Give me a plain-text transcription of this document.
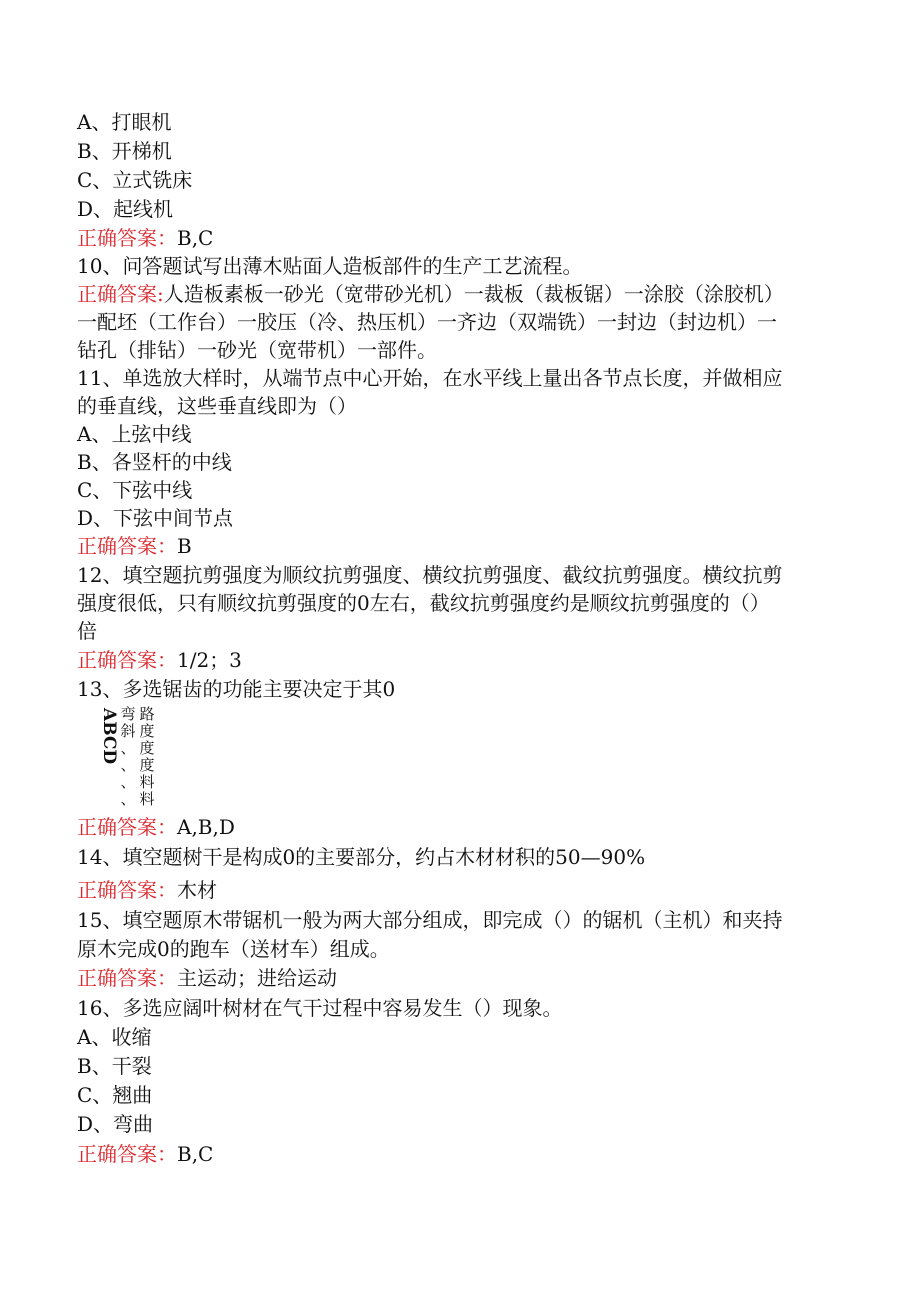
A、打眼机
B、开梯机
C、立式铣床
D、起线机
正确答案：B,C
10、问答题试写出薄木贴面人造板部件的生产工艺流程。
正确答案:人造板素板一砂光（宽带砂光机）一裁板（裁板锯）一涂胶（涂胶机）
一配坯（工作台）一胶压（冷、热压机）一齐边（双端铣）一封边（封边机）一
钻孔（排钻）一砂光（宽带机）一部件。
11、单选放大样时，从端节点中心开始，在水平线上量出各节点长度，并做相应
的垂直线，这些垂直线即为（）
A、上弦中线
B、各竖杆的中线
C、下弦中线
D、下弦中间节点
正确答案：B
12、填空题抗剪强度为顺纹抗剪强度、横纹抗剪强度、截纹抗剪强度。横纹抗剪
强度很低，只有顺纹抗剪强度的0左右，截纹抗剪强度约是顺纹抗剪强度的（）
倍
正确答案：1/2；3
13、多选锯齿的功能主要决定于其0
ABCD 弯
斜
、
、
、
、
路
度
度
度
料
料
正确答案：A,B,D
14、填空题树干是构成0的主要部分，约占木材材积的50—90%
正确答案：木材
15、填空题原木带锯机一般为两大部分组成，即完成（）的锯机（主机）和夹持
原木完成0的跑车（送材车）组成。
正确答案：主运动；进给运动
16、多选应阔叶树材在气干过程中容易发生（）现象。
A、收缩
B、干裂
C、翘曲
D、弯曲
正确答案：B,C
